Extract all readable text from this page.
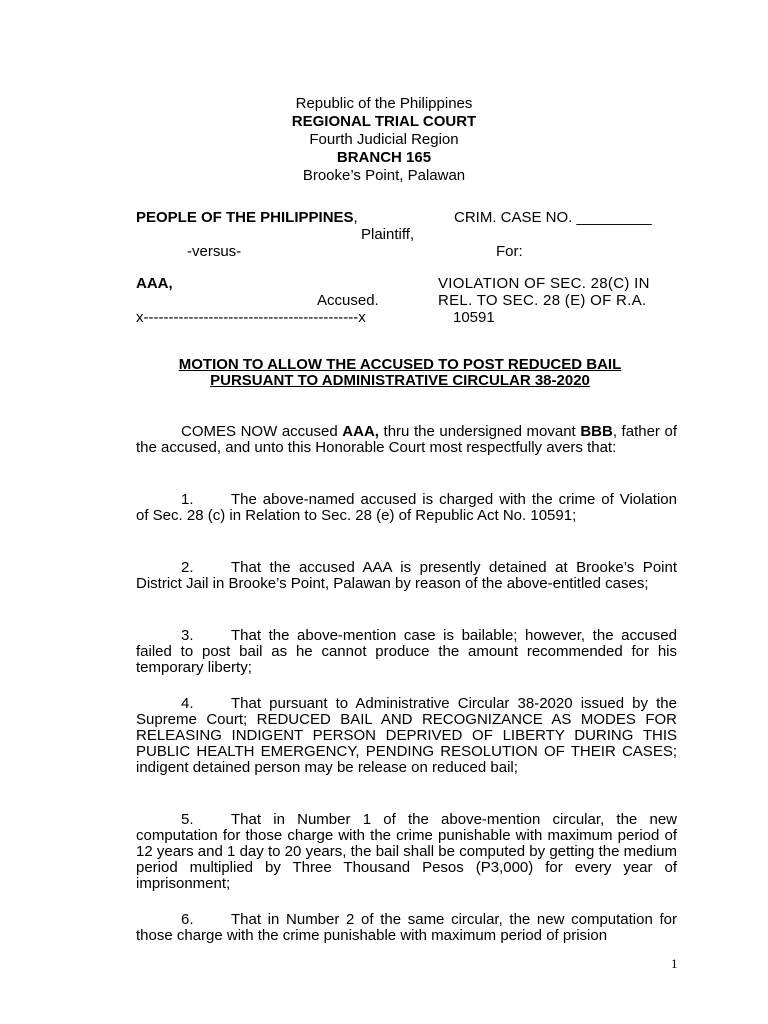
Republic of the Philippines
REGIONAL TRIAL COURT
Fourth Judicial Region
BRANCH 165
Brooke’s Point, Palawan
PEOPLE OF THE PHILIPPINES,
Plaintiff,
-versus-
AAA,
Accused.
x-------------------------------------------x
CRIM. CASE NO. _________
For:
VIOLATION OF SEC. 28(C) IN
REL. TO SEC. 28 (E) OF R.A.
10591
MOTION TO ALLOW THE ACCUSED TO POST REDUCED BAIL
PURSUANT TO ADMINISTRATIVE CIRCULAR 38-2020
COMES NOW accused AAA, thru the undersigned movant BBB, father of the accused, and unto this Honorable Court most respectfully avers that:
1. The above-named accused is charged with the crime of Violation of Sec. 28 (c) in Relation to Sec. 28 (e) of Republic Act No. 10591;
2. That the accused AAA is presently detained at Brooke’s Point District Jail in Brooke’s Point, Palawan by reason of the above-entitled cases;
3. That the above-mention case is bailable; however, the accused failed to post bail as he cannot produce the amount recommended for his temporary liberty;
4. That pursuant to Administrative Circular 38-2020 issued by the Supreme Court; REDUCED BAIL AND RECOGNIZANCE AS MODES FOR RELEASING INDIGENT PERSON DEPRIVED OF LIBERTY DURING THIS PUBLIC HEALTH EMERGENCY, PENDING RESOLUTION OF THEIR CASES; indigent detained person may be release on reduced bail;
5. That in Number 1 of the above-mention circular, the new computation for those charge with the crime punishable with maximum period of 12 years and 1 day to 20 years, the bail shall be computed by getting the medium period multiplied by Three Thousand Pesos (P3,000) for every year of imprisonment;
6. That in Number 2 of the same circular, the new computation for those charge with the crime punishable with maximum period of prision
1
